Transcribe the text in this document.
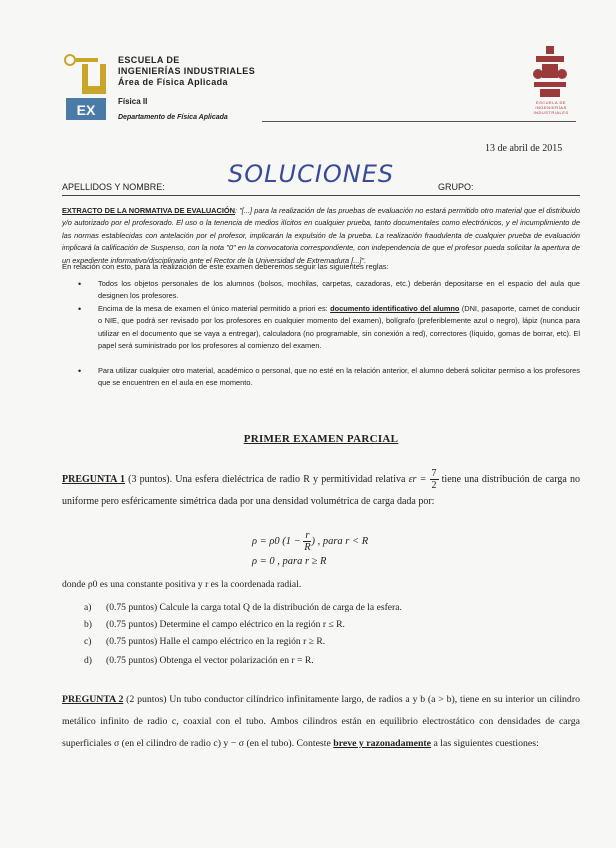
EX
ESCUELA DE
INGENIERÍAS INDUSTRIALES
Área de Física Aplicada
Física II
Departamento de Física Aplicada
ESCUELA DE INGENIERÍAS INDUSTRIALES
13 de abril de 2015
APELLIDOS Y NOMBRE:	SOLUCIONES	GRUPO:
EXTRACTO DE LA NORMATIVA DE EVALUACIÓN: "[...] para la realización de las pruebas de evaluación no estará permitido otro material que el distribuido y/o autorizado por el profesorado. El uso o la tenencia de medios ilícitos en cualquier prueba, tanto documentales como electrónicos, y el incumplimiento de las normas establecidas con antelación por el profesor, implicarán la expulsión de la prueba. La realización fraudulenta de cualquier prueba de evaluación implicará la calificación de Suspenso, con la nota "0" en la convocatoria correspondiente, con independencia de que el profesor pueda solicitar la apertura de un expediente informativo/disciplinario ante el Rector de la Universidad de Extremadura [...]".
En relación con esto, para la realización de este examen deberemos seguir las siguientes reglas:
• Todos los objetos personales de los alumnos (bolsos, mochilas, carpetas, cazadoras, etc.) deberán depositarse en el espacio del aula que designen los profesores.
• Encima de la mesa de examen el único material permitido a priori es: documento identificativo del alumno (DNI, pasaporte, carnet de conducir o NIE, que podrá ser revisado por los profesores en cualquier momento del examen), bolígrafo (preferiblemente azul o negro), lápiz (nunca para utilizar en el documento que se vaya a entregar), calculadora (no programable, sin conexión a red), correctores (líquido, gomas de borrar, etc). El papel será suministrado por los profesores al comienzo del examen.
• Para utilizar cualquier otro material, académico o personal, que no esté en la relación anterior, el alumno deberá solicitar permiso a los profesores que se encuentren en el aula en ese momento.
PRIMER EXAMEN PARCIAL
PREGUNTA 1 (3 puntos). Una esfera dieléctrica de radio R y permitividad relativa $\varepsilon r = \frac{7}{2}$ tiene una distribución de carga no uniforme pero esféricamente simétrica dada por una densidad volumétrica de carga dada por:
ρ = ρ0 ($1 - \frac{r}{R}$ ) , para r < R
ρ = 0 , para r ≥ R
donde ρ0 es una constante positiva y r es la coordenada radial.
a) (0.75 puntos) Calcule la carga total Q de la distribución de carga de la esfera.
b) (0.75 puntos) Determine el campo eléctrico en la región r ≤ R.
c) (0.75 puntos) Halle el campo eléctrico en la región r ≥ R.
d) (0.75 puntos) Obtenga el vector polarización en r = R.
PREGUNTA 2 (2 puntos) Un tubo conductor cilíndrico infinitamente largo, de radios a y b (a > b), tiene en su interior un cilindro metálico infinito de radio c, coaxial con el tubo. Ambos cilindros están en equilibrio electrostático con densidades de carga superficiales σ (en el cilindro de radio c) y − σ (en el tubo). Conteste breve y razonadamente a las siguientes cuestiones:
